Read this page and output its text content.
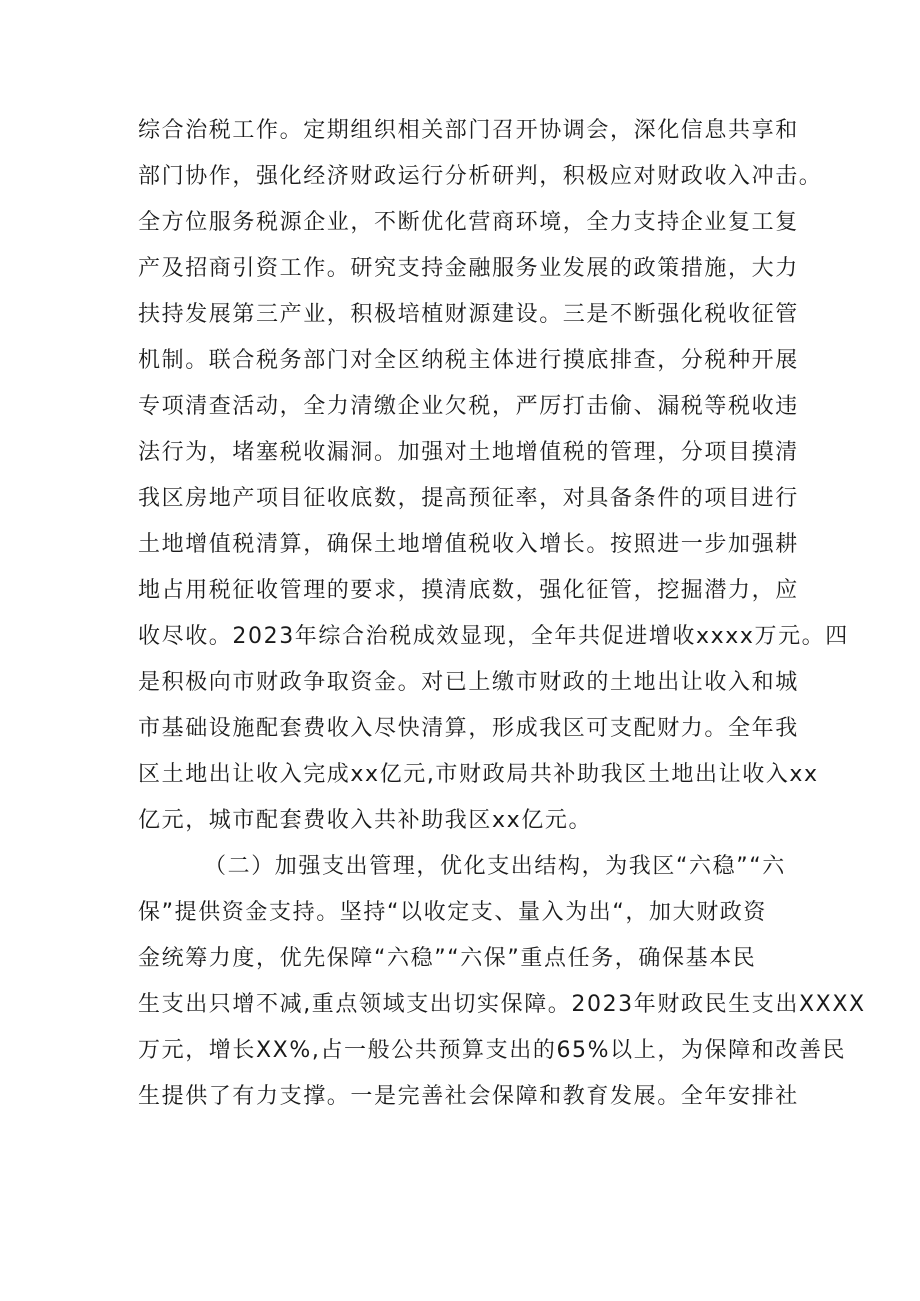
综合治税工作。定期组织相关部门召开协调会，深化信息共享和
部门协作，强化经济财政运行分析研判，积极应对财政收入冲击。
全方位服务税源企业，不断优化营商环境，全力支持企业复工复
产及招商引资工作。研究支持金融服务业发展的政策措施，大力
扶持发展第三产业，积极培植财源建设。三是不断强化税收征管
机制。联合税务部门对全区纳税主体进行摸底排查，分税种开展
专项清查活动，全力清缴企业欠税，严厉打击偷、漏税等税收违
法行为，堵塞税收漏洞。加强对土地增值税的管理，分项目摸清
我区房地产项目征收底数，提高预征率，对具备条件的项目进行
土地增值税清算，确保土地增值税收入增长。按照进一步加强耕
地占用税征收管理的要求，摸清底数，强化征管，挖掘潜力，应
收尽收。2023年综合治税成效显现，全年共促进增收xxxx万元。四
是积极向市财政争取资金。对已上缴市财政的土地出让收入和城
市基础设施配套费收入尽快清算，形成我区可支配财力。全年我
区土地出让收入完成xx亿元,市财政局共补助我区土地出让收入xx
亿元，城市配套费收入共补助我区xx亿元。
（二）加强支出管理，优化支出结构，为我区“六稳”“六
保”提供资金支持。坚持“以收定支、量入为出“，加大财政资
金统筹力度，优先保障“六稳”“六保”重点任务，确保基本民
生支出只增不减,重点领域支出切实保障。2023年财政民生支出XXXX
万元，增长XX%,占一般公共预算支出的65%以上，为保障和改善民
生提供了有力支撑。一是完善社会保障和教育发展。全年安排社
